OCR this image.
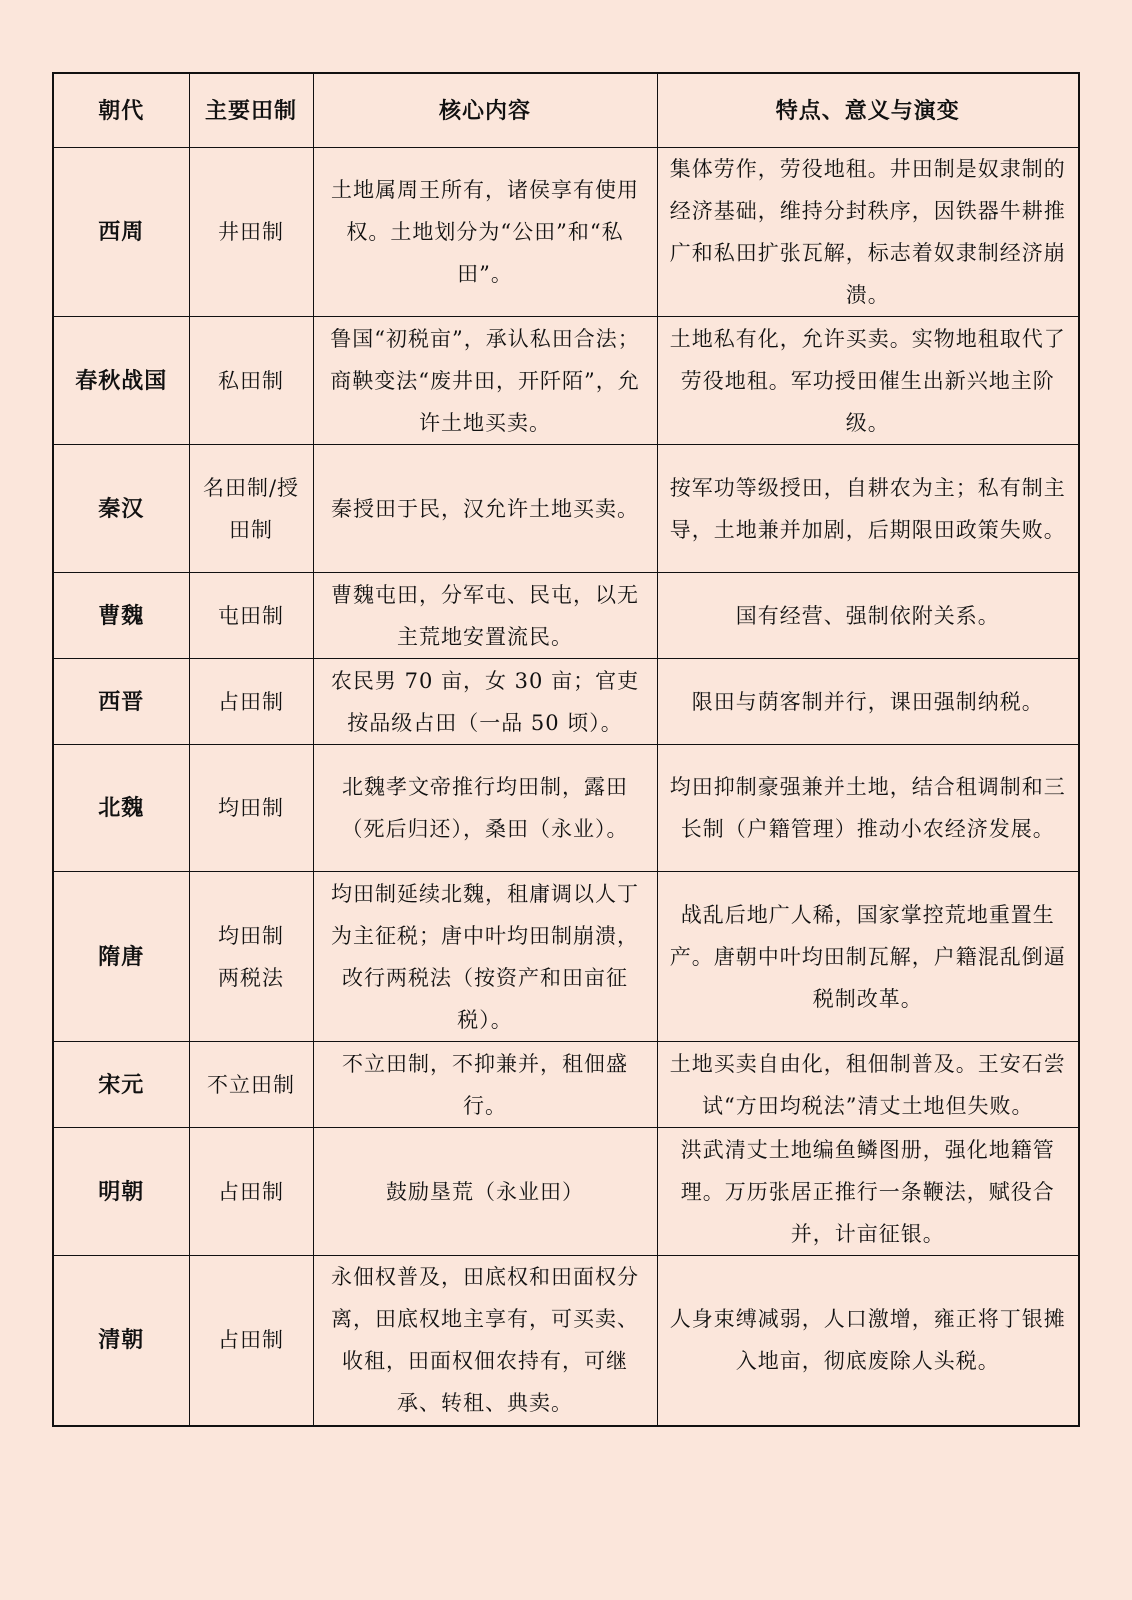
朝代	主要田制	核心内容	特点、意义与演变
西周	井田制	土地属周王所有，诸侯享有使用权。土地划分为“公田”和“私田”。	集体劳作，劳役地租。井田制是奴隶制的经济基础，维持分封秩序，因铁器牛耕推广和私田扩张瓦解，标志着奴隶制经济崩溃。
春秋战国	私田制	鲁国“初税亩”，承认私田合法；商鞅变法“废井田，开阡陌”，允许土地买卖。	土地私有化，允许买卖。实物地租取代了劳役地租。军功授田催生出新兴地主阶级。
秦汉	名田制/授田制	秦授田于民，汉允许土地买卖。	按军功等级授田，自耕农为主；私有制主导，土地兼并加剧，后期限田政策失败。
曹魏	屯田制	曹魏屯田，分军屯、民屯，以无主荒地安置流民。	国有经营、强制依附关系。
西晋	占田制	农民男 70 亩，女 30 亩；官吏按品级占田（一品 50 顷）。	限田与荫客制并行，课田强制纳税。
北魏	均田制	北魏孝文帝推行均田制，露田（死后归还），桑田（永业）。	均田抑制豪强兼并土地，结合租调制和三长制（户籍管理）推动小农经济发展。
隋唐	均田制两税法	均田制延续北魏，租庸调以人丁为主征税；唐中叶均田制崩溃，改行两税法（按资产和田亩征税）。	战乱后地广人稀，国家掌控荒地重置生产。唐朝中叶均田制瓦解，户籍混乱倒逼税制改革。
宋元	不立田制	不立田制，不抑兼并，租佃盛行。	土地买卖自由化，租佃制普及。王安石尝试“方田均税法”清丈土地但失败。
明朝	占田制	鼓励垦荒（永业田）	洪武清丈土地编鱼鳞图册，强化地籍管理。万历张居正推行一条鞭法，赋役合并，计亩征银。
清朝	占田制	永佃权普及，田底权和田面权分离，田底权地主享有，可买卖、收租，田面权佃农持有，可继承、转租、典卖。	人身束缚减弱，人口激增，雍正将丁银摊入地亩，彻底废除人头税。
